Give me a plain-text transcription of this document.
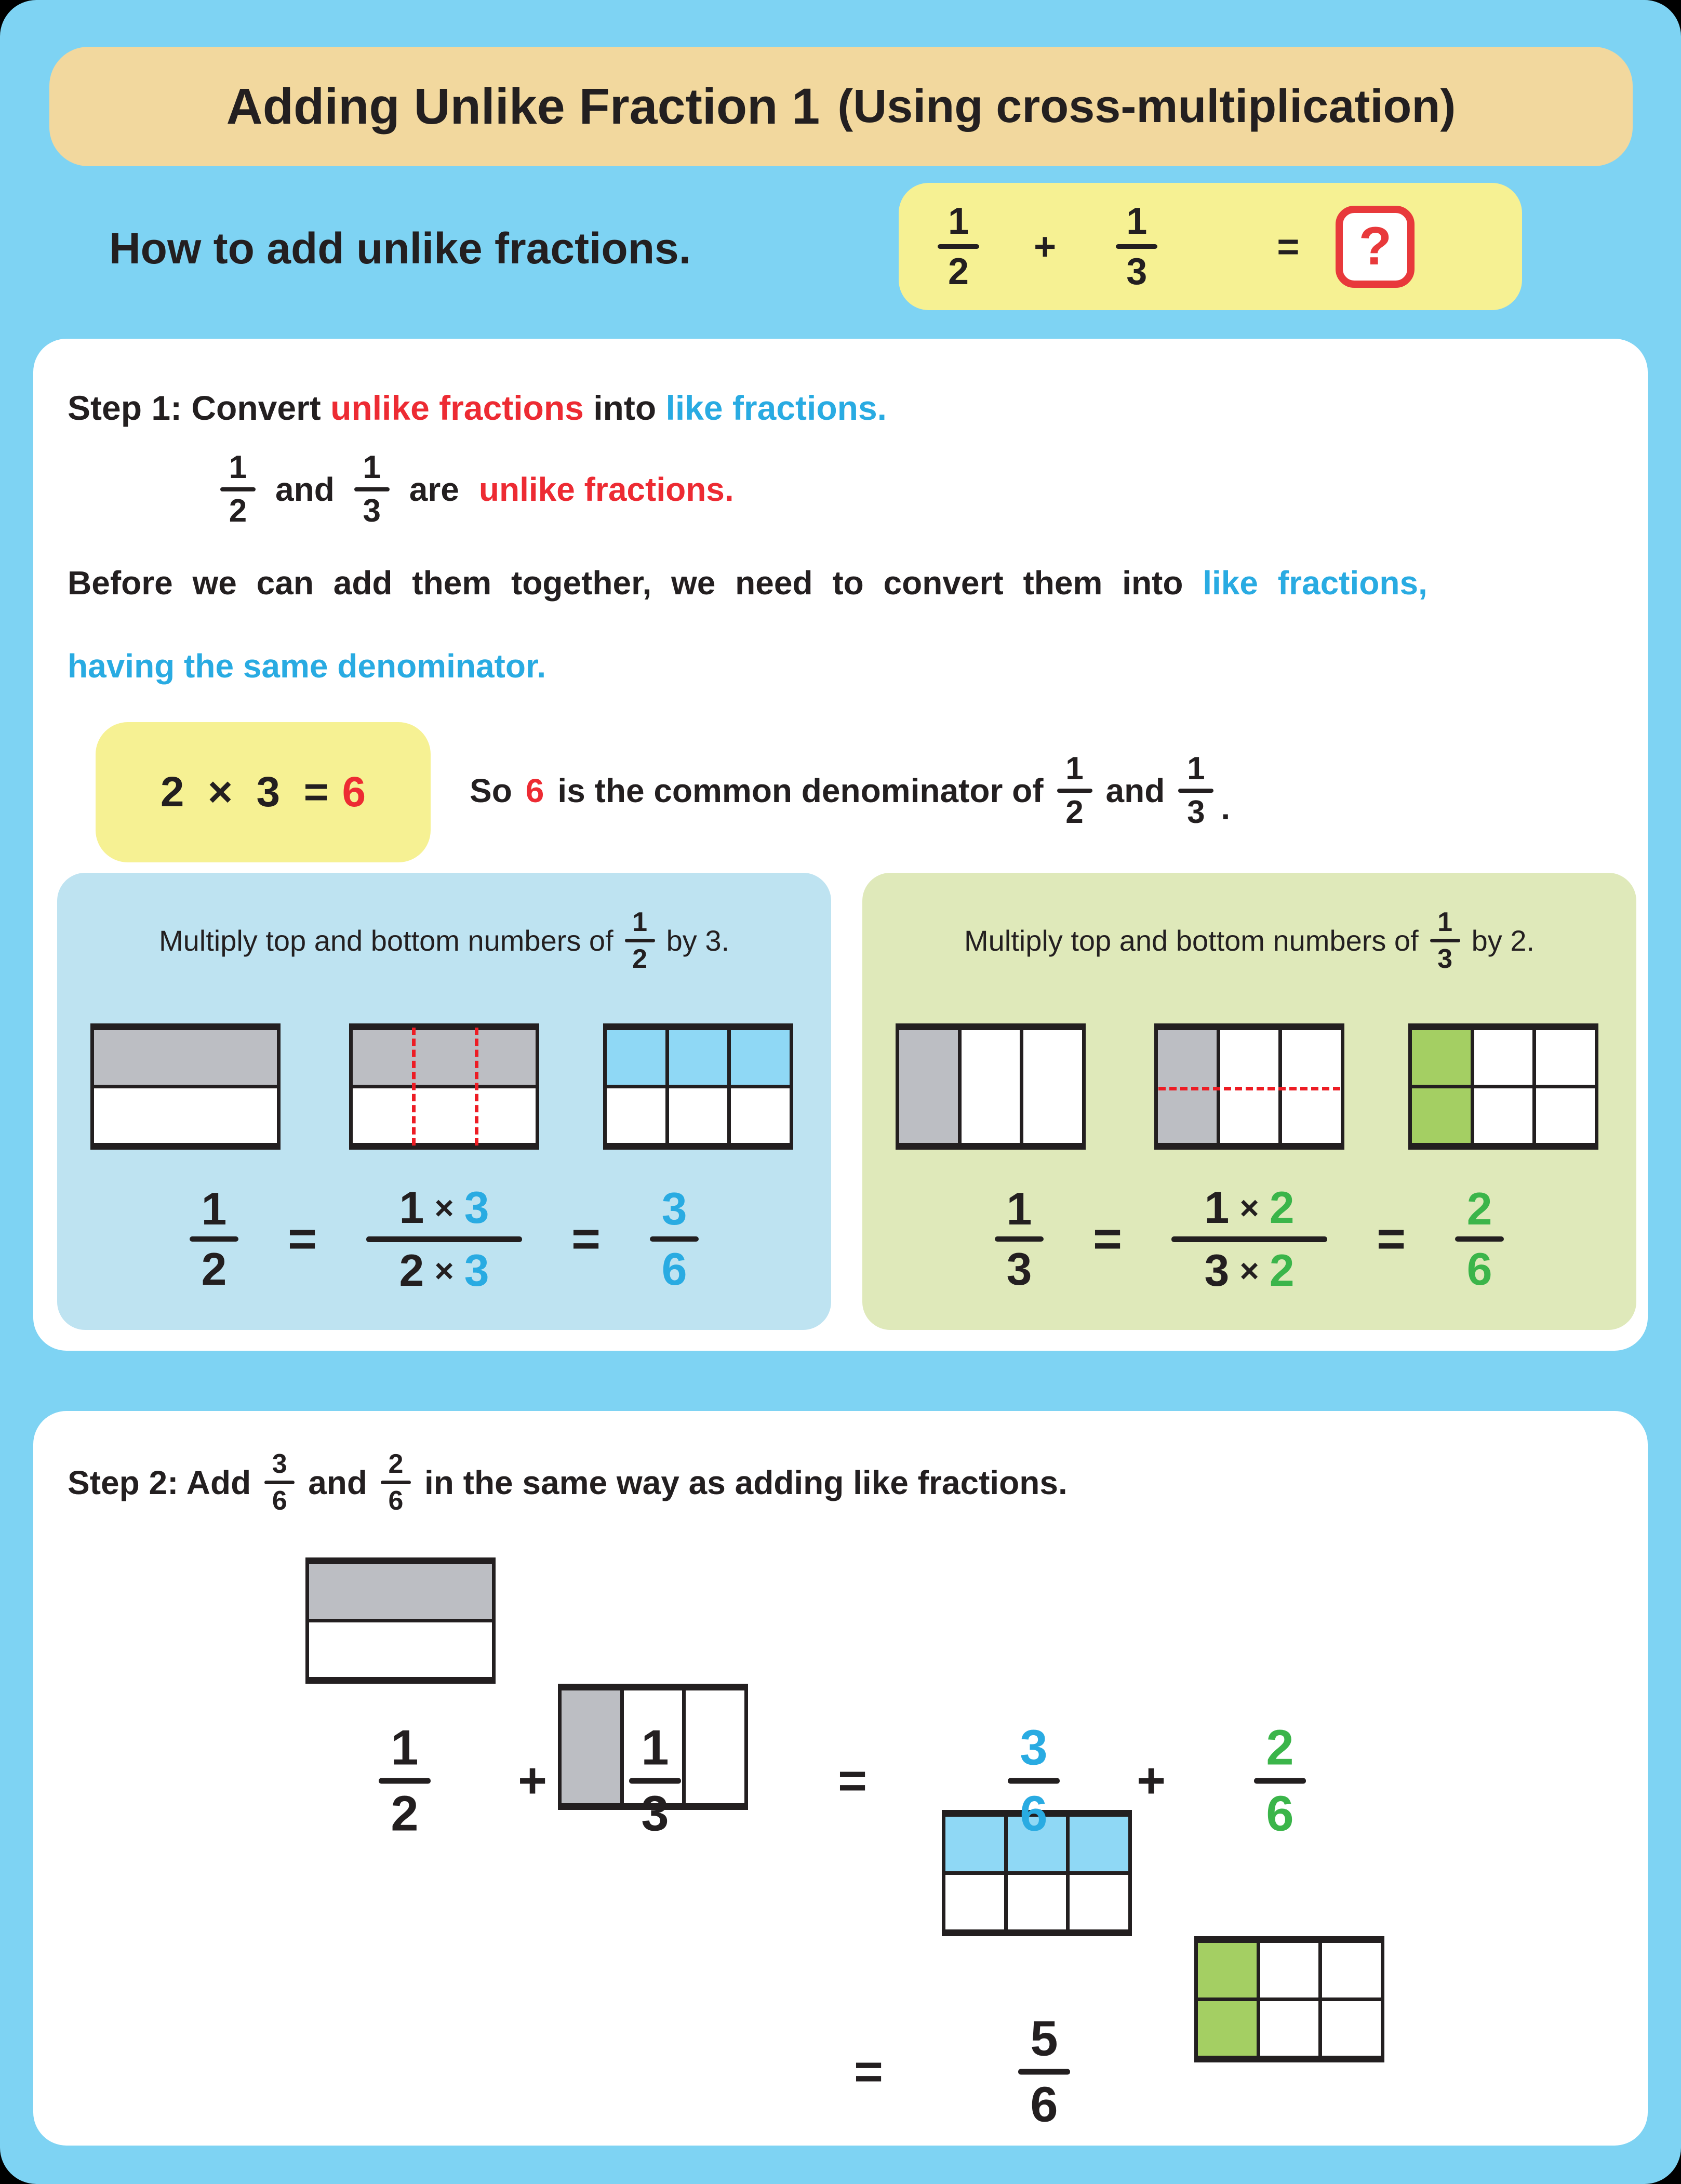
Adding Unlike Fraction 1 (Using cross-multiplication)
How to add unlike fractions.
1
2
+
1
3
= ?
Step 1: Convert unlike fractions into like fractions.
1
2
and
1
3
are unlike fractions.
Before we can add them together, we need to convert them into like fractions,
having the same denominator.
2  ×  3  = 6	So 6 is the common denominator of
1
2
and
1
3 .
Multiply top and bottom numbers of
1
2
by 3.
1
2
=
1 × 3
2 × 3
=
3
6
Multiply top and bottom numbers of
1
3
by 2.
1
3
=
1 × 2
3 × 2
=
2
6
Step 2: Add 3
6 and 2
6 in the same way as adding like fractions.
1
2
+
1
3
=
3
6
+
2
6
=
5
6
